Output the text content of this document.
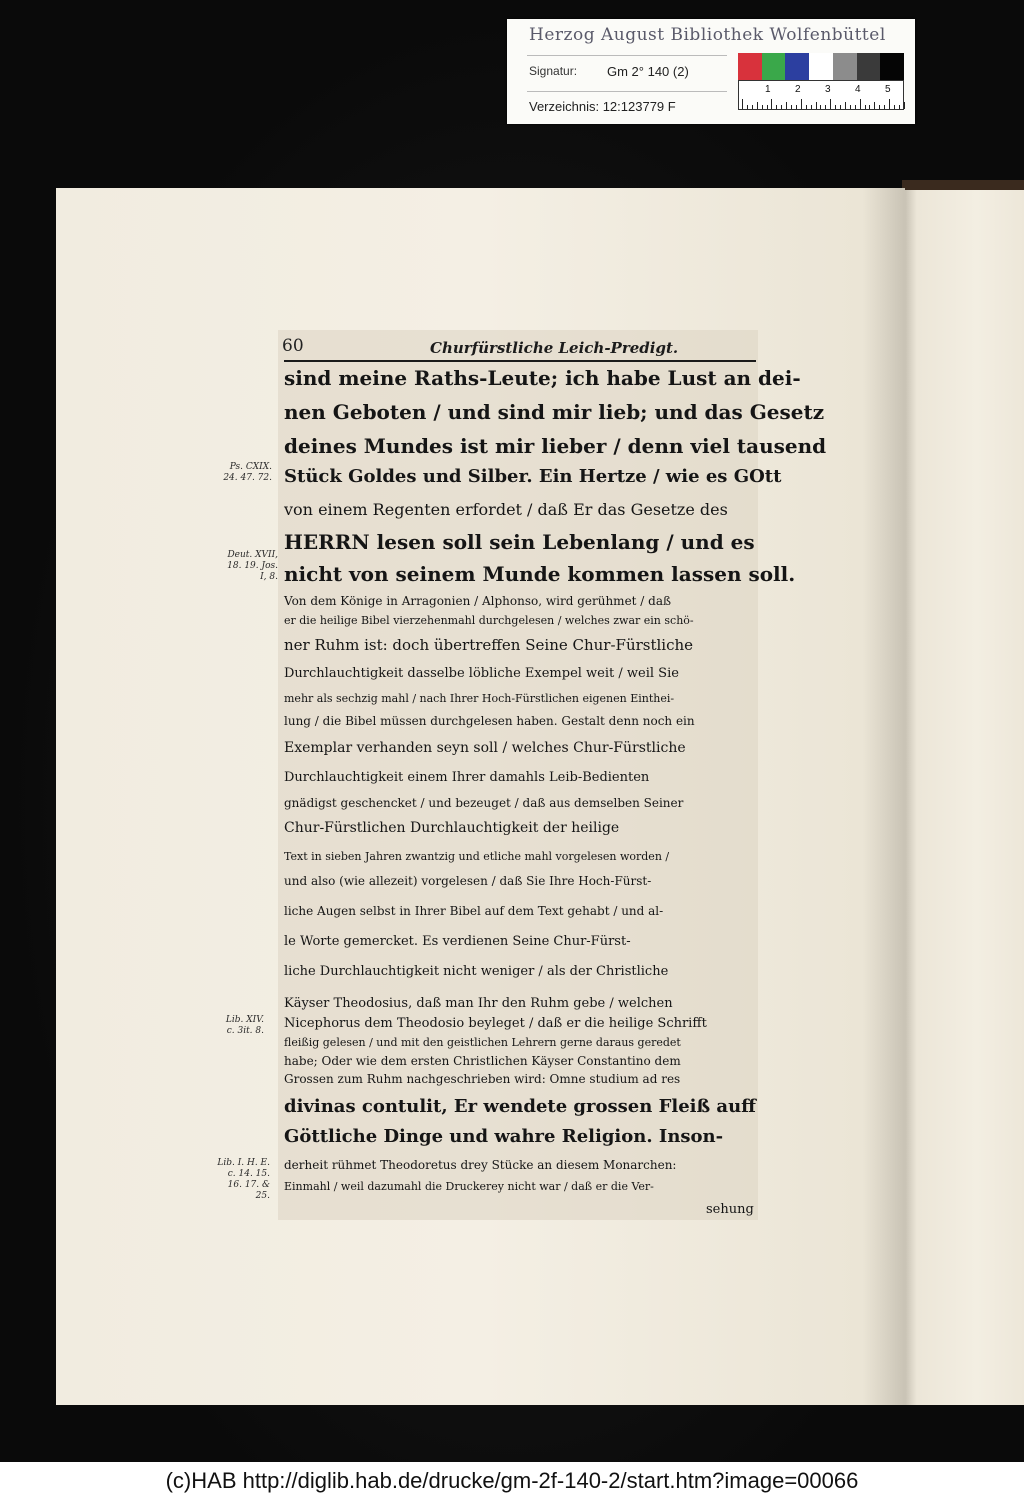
Herzog August Bibliothek Wolfenbüttel
Signatur: Gm 2° 140 (2)
Verzeichnis: 12:123779 F
1 2 3 4 5
60	Churfürstliche Leich-Predigt.
Ps. CXIX. 24. 47. 72.
Deut. XVII, 18. 19. Jos. I, 8.
Lib. XIV. c. 3it. 8.
Lib. I. H. E. c. 14. 15. 16. 17. & 25.
sind meine Raths-Leute; ich habe Lust an dei-
nen Geboten / und sind mir lieb; und das Gesetz
deines Mundes ist mir lieber / denn viel tausend
Stück Goldes und Silber. Ein Hertze / wie es GOtt
von einem Regenten erfordet / daß Er das Gesetze des
HERRN lesen soll sein Lebenlang / und es
nicht von seinem Munde kommen lassen soll.
Von dem Könige in Arragonien / Alphonso, wird gerühmet / daß
er die heilige Bibel vierzehenmahl durchgelesen / welches zwar ein schö-
ner Ruhm ist: doch übertreffen Seine Chur-Fürstliche
Durchlauchtigkeit dasselbe löbliche Exempel weit / weil Sie
mehr als sechzig mahl / nach Ihrer Hoch-Fürstlichen eigenen Einthei-
lung / die Bibel müssen durchgelesen haben. Gestalt denn noch ein
Exemplar verhanden seyn soll / welches Chur-Fürstliche
Durchlauchtigkeit einem Ihrer damahls Leib-Bedienten
gnädigst geschencket / und bezeuget / daß aus demselben Seiner
Chur-Fürstlichen Durchlauchtigkeit der heilige
Text in sieben Jahren zwantzig und etliche mahl vorgelesen worden /
und also (wie allezeit) vorgelesen / daß Sie Ihre Hoch-Fürst-
liche Augen selbst in Ihrer Bibel auf dem Text gehabt / und al-
le Worte gemercket. Es verdienen Seine Chur-Fürst-
liche Durchlauchtigkeit nicht weniger / als der Christliche
Käyser Theodosius, daß man Ihr den Ruhm gebe / welchen
Nicephorus dem Theodosio beyleget / daß er die heilige Schrifft
fleißig gelesen / und mit den geistlichen Lehrern gerne daraus geredet
habe; Oder wie dem ersten Christlichen Käyser Constantino dem
Grossen zum Ruhm nachgeschrieben wird: Omne studium ad res
divinas contulit, Er wendete grossen Fleiß auff
Göttliche Dinge und wahre Religion. Inson-
derheit rühmet Theodoretus drey Stücke an diesem Monarchen:
Einmahl / weil dazumahl die Druckerey nicht war / daß er die Ver-
sehung
(c)HAB http://diglib.hab.de/drucke/gm-2f-140-2/start.htm?image=00066
